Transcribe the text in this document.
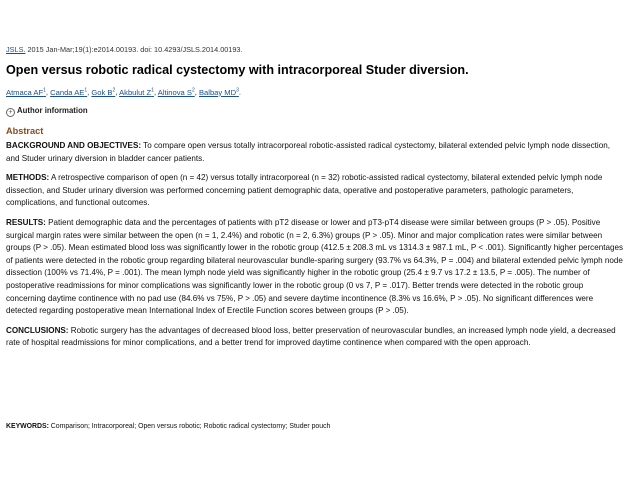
JSLS. 2015 Jan-Mar;19(1):e2014.00193. doi: 10.4293/JSLS.2014.00193.
Open versus robotic radical cystectomy with intracorporeal Studer diversion.
Atmaca $AF^1$, Canda $AE^1$, Gok $B^2$, Akbulut $Z^1$, Altinova $S^2$, Balbay $MD^3$.
+ Author information
Abstract

BACKGROUND AND OBJECTIVES: To compare open versus totally intracorporeal robotic-assisted radical cystectomy, bilateral extended pelvic lymph node dissection, and Studer urinary diversion in bladder cancer patients.

METHODS: A retrospective comparison of open (n = 42) versus totally intracorporeal (n = 32) robotic-assisted radical cystectomy, bilateral extended pelvic lymph node dissection, and Studer urinary diversion was performed concerning patient demographic data, operative and postoperative parameters, pathologic parameters, complications, and functional outcomes.

RESULTS: Patient demographic data and the percentages of patients with pT2 disease or lower and pT3-pT4 disease were similar between groups (P > .05). Positive surgical margin rates were similar between the open (n = 1, 2.4%) and robotic (n = 2, 6.3%) groups (P > .05). Minor and major complication rates were similar between groups (P > .05). Mean estimated blood loss was significantly lower in the robotic group (412.5 ± 208.3 mL vs 1314.3 ± 987.1 mL, P < .001). Significantly higher percentages of patients were detected in the robotic group regarding bilateral neurovascular bundle-sparing surgery (93.7% vs 64.3%, P = .004) and bilateral extended pelvic lymph node dissection (100% vs 71.4%, P = .001). The mean lymph node yield was significantly higher in the robotic group (25.4 ± 9.7 vs 17.2 ± 13.5, P = .005). The number of postoperative readmissions for minor complications was significantly lower in the robotic group (0 vs 7, P = .017). Better trends were detected in the robotic group concerning daytime continence with no pad use (84.6% vs 75%, P > .05) and severe daytime incontinence (8.3% vs 16.6%, P > .05). No significant differences were detected regarding postoperative mean International Index of Erectile Function scores between groups (P > .05).

CONCLUSIONS: Robotic surgery has the advantages of decreased blood loss, better preservation of neurovascular bundles, an increased lymph node yield, a decreased rate of hospital readmissions for minor complications, and a better trend for improved daytime continence when compared with the open approach.

KEYWORDS: Comparison; Intracorporeal; Open versus robotic; Robotic radical cystectomy; Studer pouch
